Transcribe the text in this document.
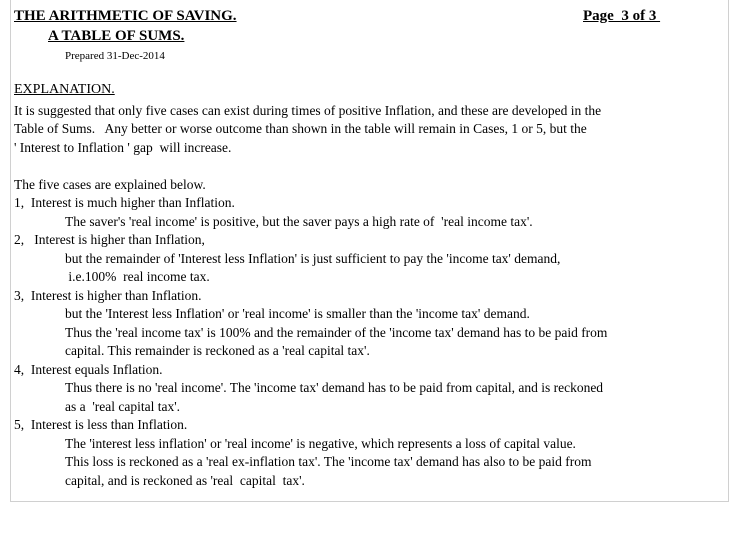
THE ARITHMETIC OF SAVING.
A TABLE OF SUMS.
Page  3 of 3
Prepared 31-Dec-2014
EXPLANATION.
It is suggested that only five cases can exist during times of positive Inflation, and these are developed in the
Table of Sums.   Any better or worse outcome than shown in the table will remain in Cases, 1 or 5, but the
' Interest to Inflation ' gap  will increase.
The five cases are explained below.
1,  Interest is much higher than Inflation.
The saver's 'real income' is positive, but the saver pays a high rate of  'real income tax'.
2,   Interest is higher than Inflation,
but the remainder of 'Interest less Inflation' is just sufficient to pay the 'income tax' demand,
i.e.100%  real income tax.
3,  Interest is higher than Inflation.
but the 'Interest less Inflation' or 'real income' is smaller than the 'income tax' demand.
Thus the 'real income tax' is 100% and the remainder of the 'income tax' demand has to be paid from
capital. This remainder is reckoned as a 'real capital tax'.
4,  Interest equals Inflation.
Thus there is no 'real income'. The 'income tax' demand has to be paid from capital, and is reckoned
as a  'real capital tax'.
5,  Interest is less than Inflation.
The 'interest less inflation' or 'real income' is negative, which represents a loss of capital value.
This loss is reckoned as a 'real ex-inflation tax'. The 'income tax' demand has also to be paid from
capital, and is reckoned as 'real  capital  tax'.
